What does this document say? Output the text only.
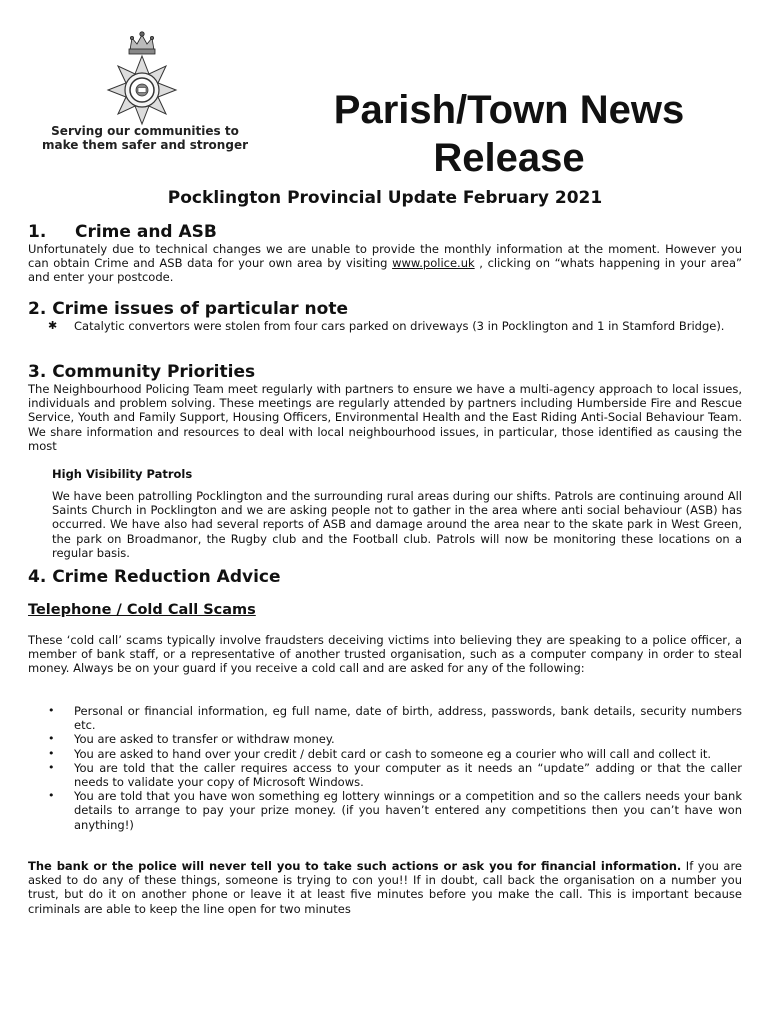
Serving our communities to
make them safer and stronger
Parish/Town News
Release
Pocklington Provincial Update February 2021
1. Crime and ASB

Unfortunately due to technical changes we are unable to provide the monthly information at the moment. However you can obtain Crime and ASB data for your own area by visiting www.police.uk , clicking on “whats happening in your area” and enter your postcode.

2. Crime issues of particular note
✱ Catalytic convertors were stolen from four cars parked on driveways (3 in Pocklington and 1 in Stamford Bridge).
3. Community Priorities

The Neighbourhood Policing Team meet regularly with partners to ensure we have a multi-agency approach to local issues, individuals and problem solving. These meetings are regularly attended by partners including Humberside Fire and Rescue Service, Youth and Family Support, Housing Officers, Environmental Health and the East Riding Anti-Social Behaviour Team. We share information and resources to deal with local neighbourhood issues, in particular, those identified as causing the most

High Visibility Patrols

We have been patrolling Pocklington and the surrounding rural areas during our shifts. Patrols are continuing around All Saints Church in Pocklington and we are asking people not to gather in the area where anti social behaviour (ASB) has occurred. We have also had several reports of ASB and damage around the area near to the skate park in West Green, the park on Broadmanor, the Rugby club and the Football club. Patrols will now be monitoring these locations on a regular basis.

4. Crime Reduction Advice
Telephone / Cold Call Scams

These ‘cold call’ scams typically involve fraudsters deceiving victims into believing they are speaking to a police officer, a member of bank staff, or a representative of another trusted organisation, such as a computer company in order to steal money. Always be on your guard if you receive a cold call and are asked for any of the following:

• Personal or financial information, eg full name, date of birth, address, passwords, bank details, security numbers etc.
• You are asked to transfer or withdraw money.
• You are asked to hand over your credit / debit card or cash to someone eg a courier who will call and collect it.
• You are told that the caller requires access to your computer as it needs an “update” adding or that the caller needs to validate your copy of Microsoft Windows.
• You are told that you have won something eg lottery winnings or a competition and so the callers needs your bank details to arrange to pay your prize money. (if you haven’t entered any competitions then you can’t have won anything!)

The bank or the police will never tell you to take such actions or ask you for financial information. If you are asked to do any of these things, someone is trying to con you!! If in doubt, call back the organisation on a number you trust, but do it on another phone or leave it at least five minutes before you make the call. This is important because criminals are able to keep the line open for two minutes
